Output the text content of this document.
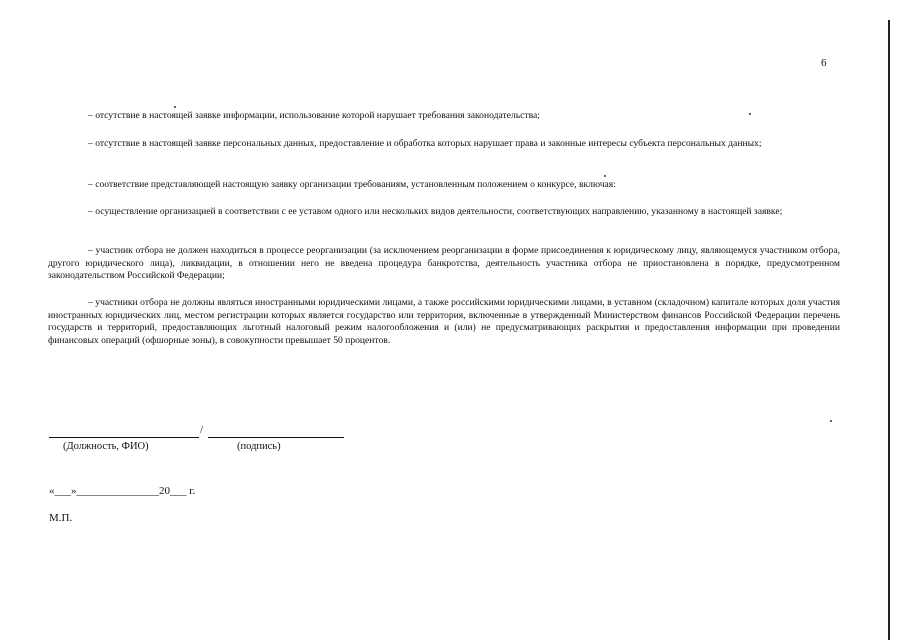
6

– отсутствие в настоящей заявке информации, использование которой нарушает требования законодательства;

– отсутствие в настоящей заявке персональных данных, предоставление и обработка которых нарушает права и законные интересы субъекта персональных данных;

– соответствие представляющей настоящую заявку организации требованиям, установленным положением о конкурсе, включая:

– осуществление организацией в соответствии с ее уставом одного или нескольких видов деятельности, соответствующих направлению, указанному в настоящей заявке;

– участник отбора не должен находиться в процессе реорганизации (за исключением реорганизации в форме присоединения к юридическому лицу, являющемуся участником отбора, другого юридического лица), ликвидации, в отношении него не введена процедура банкротства, деятельность участника отбора не приостановлена в порядке, предусмотренном законодательством Российской Федерации;

– участники отбора не должны являться иностранными юридическими лицами, а также российскими юридическими лицами, в уставном (складочном) капитале которых доля участия иностранных юридических лиц, местом регистрации которых является государство или территория, включенные в утвержденный Министерством финансов Российской Федерации перечень государств и территорий, предоставляющих льготный налоговый режим налогообложения и (или) не предусматривающих раскрытия и предоставления информации при проведении финансовых операций (офшорные зоны), в совокупности превышает 50 процентов.

/
(Должность, ФИО)	(подпись)
«___»_______________20___ г.
М.П.
